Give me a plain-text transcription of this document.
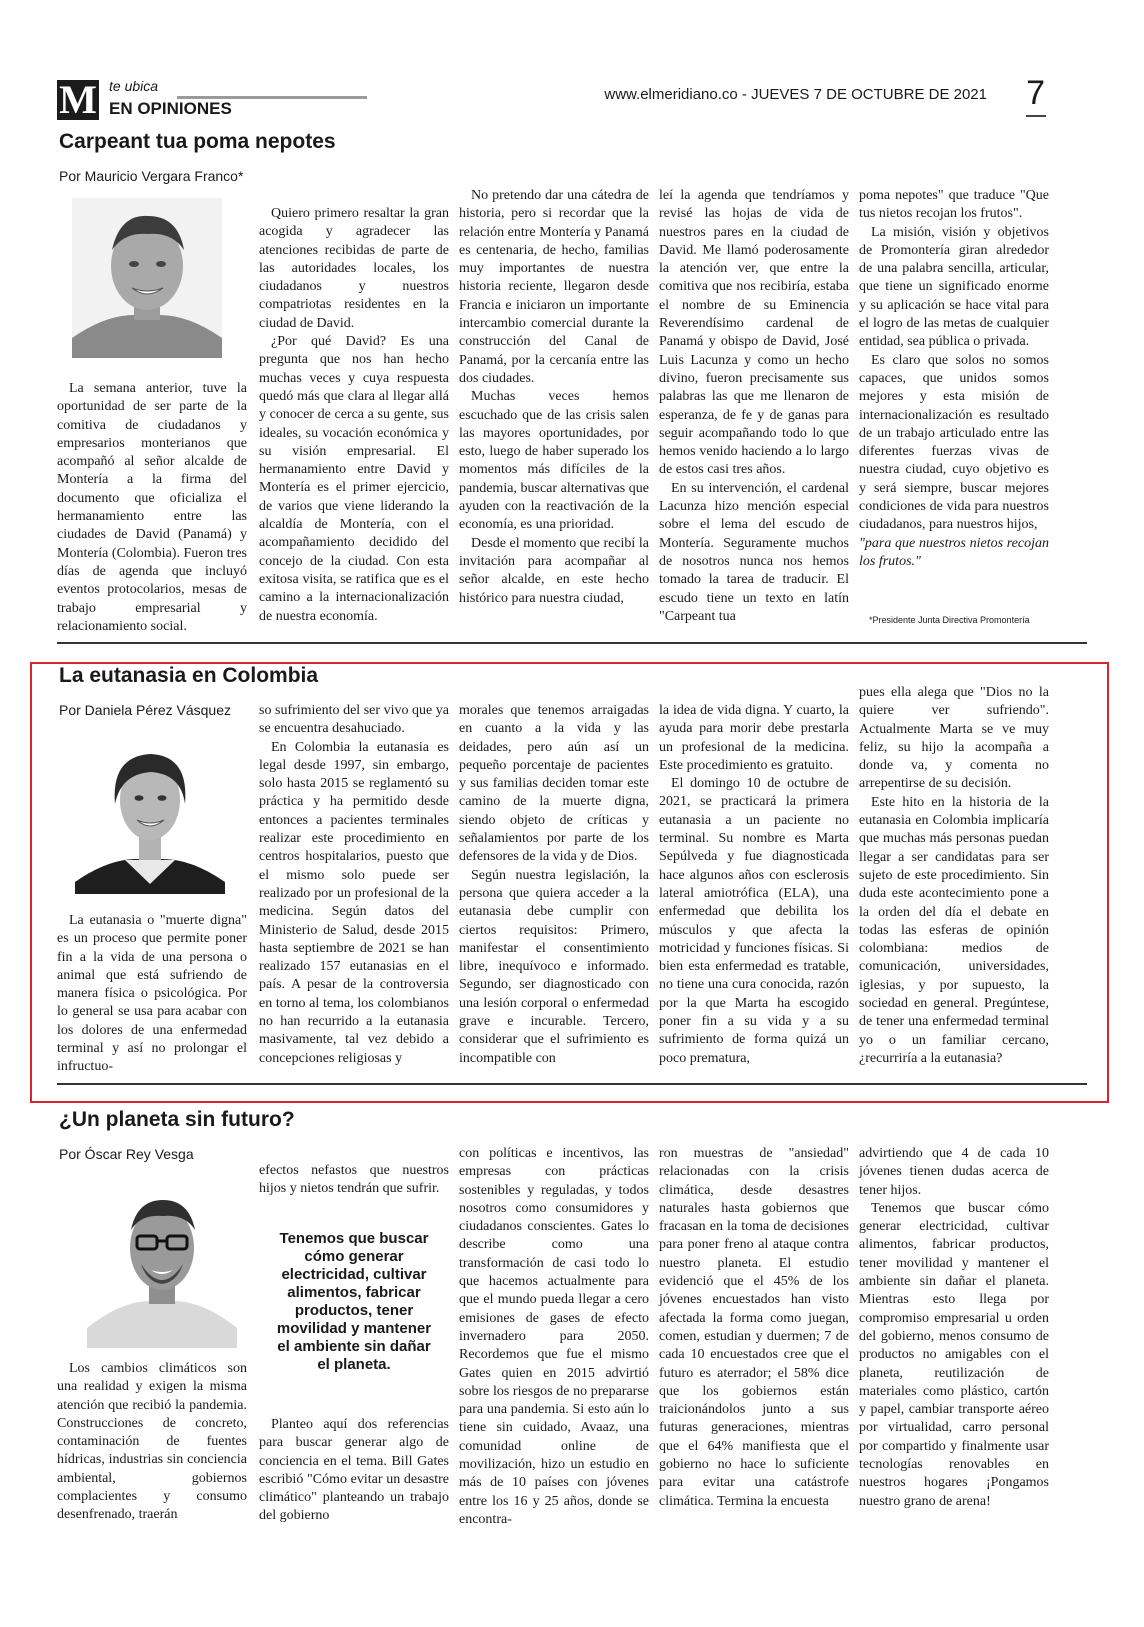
M te ubica
EN OPINIONES
www.elmeridiano.co - JUEVES 7 DE OCTUBRE DE 2021 7
Carpeant tua poma nepotes
Por Mauricio Vergara Franco*

La semana anterior, tuve la oportunidad de ser parte de la comitiva de ciudadanos y empresarios monterianos que acompañó al señor alcalde de Montería a la firma del documento que oficializa el hermanamiento entre las ciudades de David (Panamá) y Montería (Colombia). Fueron tres días de agenda que incluyó eventos protocolarios, mesas de trabajo empresarial y relacionamiento social.

Quiero primero resaltar la gran acogida y agradecer las atenciones recibidas de parte de las autoridades locales, los ciudadanos y nuestros compatriotas residentes en la ciudad de David.

¿Por qué David? Es una pregunta que nos han hecho muchas veces y cuya respuesta quedó más que clara al llegar allá y conocer de cerca a su gente, sus ideales, su vocación económica y su visión empresarial. El hermanamiento entre David y Montería es el primer ejercicio, de varios que viene liderando la alcaldía de Montería, con el acompañamiento decidido del concejo de la ciudad. Con esta exitosa visita, se ratifica que es el camino a la internacionalización de nuestra economía.

No pretendo dar una cátedra de historia, pero si recordar que la relación entre Montería y Panamá es centenaria, de hecho, familias muy importantes de nuestra historia reciente, llegaron desde Francia e iniciaron un importante intercambio comercial durante la construcción del Canal de Panamá, por la cercanía entre las dos ciudades.

Muchas veces hemos escuchado que de las crisis salen las mayores oportunidades, por esto, luego de haber superado los momentos más difíciles de la pandemia, buscar alternativas que ayuden con la reactivación de la economía, es una prioridad.

Desde el momento que recibí la invitación para acompañar al señor alcalde, en este hecho histórico para nuestra ciudad,

leí la agenda que tendríamos y revisé las hojas de vida de nuestros pares en la ciudad de David. Me llamó poderosamente la atención ver, que entre la comitiva que nos recibiría, estaba el nombre de su Eminencia Reverendísimo cardenal de Panamá y obispo de David, José Luis Lacunza y como un hecho divino, fueron precisamente sus palabras las que me llenaron de esperanza, de fe y de ganas para seguir acompañando todo lo que hemos venido haciendo a lo largo de estos casi tres años.

En su intervención, el cardenal Lacunza hizo mención especial sobre el lema del escudo de Montería. Seguramente muchos de nosotros nunca nos hemos tomado la tarea de traducir. El escudo tiene un texto en latín "Carpeant tua

poma nepotes" que traduce "Que tus nietos recojan los frutos".

La misión, visión y objetivos de Promontería giran alrededor de una palabra sencilla, articular, que tiene un significado enorme y su aplicación se hace vital para el logro de las metas de cualquier entidad, sea pública o privada.

Es claro que solos no somos capaces, que unidos somos mejores y esta misión de internacionalización es resultado de un trabajo articulado entre las diferentes fuerzas vivas de nuestra ciudad, cuyo objetivo es y será siempre, buscar mejores condiciones de vida para nuestros ciudadanos, para nuestros hijos,

"para que nuestros nietos recojan los frutos."

*Presidente Junta Directiva Promontería
La eutanasia en Colombia
Por Daniela Pérez Vásquez

La eutanasia o "muerte digna" es un proceso que permite poner fin a la vida de una persona o animal que está sufriendo de manera física o psicológica. Por lo general se usa para acabar con los dolores de una enfermedad terminal y así no prolongar el infructuo-

so sufrimiento del ser vivo que ya se encuentra desahuciado.

En Colombia la eutanasia es legal desde 1997, sin embargo, solo hasta 2015 se reglamentó su práctica y ha permitido desde entonces a pacientes terminales realizar este procedimiento en centros hospitalarios, puesto que el mismo solo puede ser realizado por un profesional de la medicina. Según datos del Ministerio de Salud, desde 2015 hasta septiembre de 2021 se han realizado 157 eutanasias en el país. A pesar de la controversia en torno al tema, los colombianos no han recurrido a la eutanasia masivamente, tal vez debido a concepciones religiosas y

morales que tenemos arraigadas en cuanto a la vida y las deidades, pero aún así un pequeño porcentaje de pacientes y sus familias deciden tomar este camino de la muerte digna, siendo objeto de críticas y señalamientos por parte de los defensores de la vida y de Dios.

Según nuestra legislación, la persona que quiera acceder a la eutanasia debe cumplir con ciertos requisitos: Primero, manifestar el consentimiento libre, inequívoco e informado. Segundo, ser diagnosticado con una lesión corporal o enfermedad grave e incurable. Tercero, considerar que el sufrimiento es incompatible con

la idea de vida digna. Y cuarto, la ayuda para morir debe prestarla un profesional de la medicina. Este procedimiento es gratuito.

El domingo 10 de octubre de 2021, se practicará la primera eutanasia a un paciente no terminal. Su nombre es Marta Sepúlveda y fue diagnosticada hace algunos años con esclerosis lateral amiotrófica (ELA), una enfermedad que debilita los músculos y que afecta la motricidad y funciones físicas. Si bien esta enfermedad es tratable, no tiene una cura conocida, razón por la que Marta ha escogido poner fin a su vida y a su sufrimiento de forma quizá un poco prematura,

pues ella alega que "Dios no la quiere ver sufriendo". Actualmente Marta se ve muy feliz, su hijo la acompaña a donde va, y comenta no arrepentirse de su decisión.

Este hito en la historia de la eutanasia en Colombia implicaría que muchas más personas puedan llegar a ser candidatas para ser sujeto de este procedimiento. Sin duda este acontecimiento pone a la orden del día el debate en todas las esferas de opinión colombiana: medios de comunicación, universidades, iglesias, y por supuesto, la sociedad en general. Pregúntese, de tener una enfermedad terminal yo o un familiar cercano, ¿recurriría a la eutanasia?

¿Un planeta sin futuro?
Por Óscar Rey Vesga

Los cambios climáticos son una realidad y exigen la misma atención que recibió la pandemia. Construcciones de concreto, contaminación de fuentes hídricas, industrias sin conciencia ambiental, gobiernos complacientes y consumo desenfrenado, traerán

efectos nefastos que nuestros hijos y nietos tendrán que sufrir.

Tenemos que buscar cómo generar electricidad, cultivar alimentos, fabricar productos, tener movilidad y mantener el ambiente sin dañar el planeta.

Planteo aquí dos referencias para buscar generar algo de conciencia en el tema. Bill Gates escribió "Cómo evitar un desastre climático" planteando un trabajo del gobierno

con políticas e incentivos, las empresas con prácticas sostenibles y reguladas, y todos nosotros como consumidores y ciudadanos conscientes. Gates lo describe como una transformación de casi todo lo que hacemos actualmente para que el mundo pueda llegar a cero emisiones de gases de efecto invernadero para 2050. Recordemos que fue el mismo Gates quien en 2015 advirtió sobre los riesgos de no prepararse para una pandemia. Si esto aún lo tiene sin cuidado, Avaaz, una comunidad online de movilización, hizo un estudio en más de 10 países con jóvenes entre los 16 y 25 años, donde se encontra-

ron muestras de "ansiedad" relacionadas con la crisis climática, desde desastres naturales hasta gobiernos que fracasan en la toma de decisiones para poner freno al ataque contra nuestro planeta. El estudio evidenció que el 45% de los jóvenes encuestados han visto afectada la forma como juegan, comen, estudian y duermen; 7 de cada 10 encuestados cree que el futuro es aterrador; el 58% dice que los gobiernos están traicionándolos junto a sus futuras generaciones, mientras que el 64% manifiesta que el gobierno no hace lo suficiente para evitar una catástrofe climática. Termina la encuesta

advirtiendo que 4 de cada 10 jóvenes tienen dudas acerca de tener hijos.

Tenemos que buscar cómo generar electricidad, cultivar alimentos, fabricar productos, tener movilidad y mantener el ambiente sin dañar el planeta. Mientras esto llega por compromiso empresarial u orden del gobierno, menos consumo de productos no amigables con el planeta, reutilización de materiales como plástico, cartón y papel, cambiar transporte aéreo por virtualidad, carro personal por compartido y finalmente usar tecnologías renovables en nuestros hogares ¡Pongamos nuestro grano de arena!
